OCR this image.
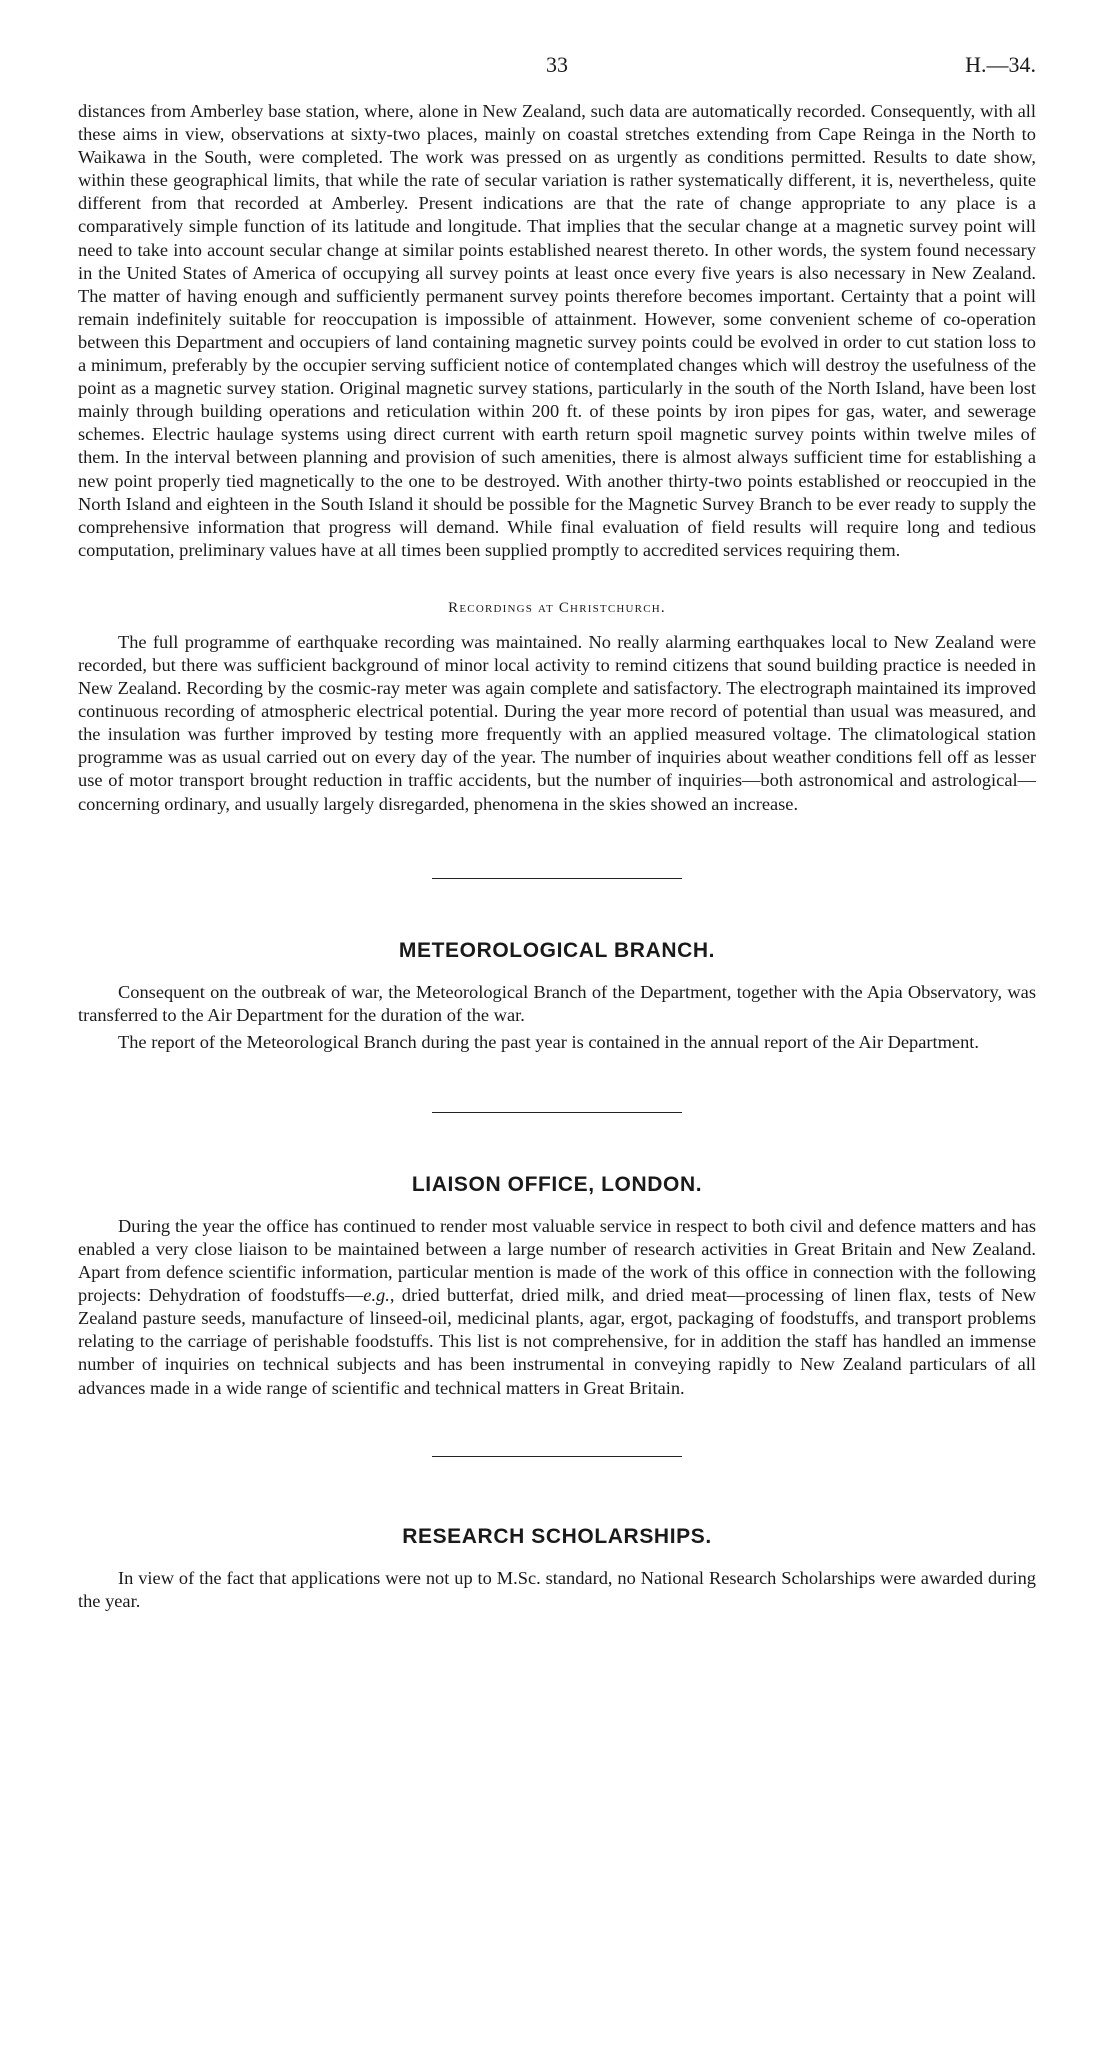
33	H.—34.

distances from Amberley base station, where, alone in New Zealand, such data are automatically recorded. Consequently, with all these aims in view, observations at sixty-two places, mainly on coastal stretches extending from Cape Reinga in the North to Waikawa in the South, were completed. The work was pressed on as urgently as conditions permitted. Results to date show, within these geographical limits, that while the rate of secular variation is rather systematically different, it is, nevertheless, quite different from that recorded at Amberley. Present indications are that the rate of change appropriate to any place is a comparatively simple function of its latitude and longitude. That implies that the secular change at a magnetic survey point will need to take into account secular change at similar points established nearest thereto. In other words, the system found necessary in the United States of America of occupying all survey points at least once every five years is also necessary in New Zealand. The matter of having enough and sufficiently permanent survey points therefore becomes important. Certainty that a point will remain indefinitely suitable for reoccupation is impossible of attainment. However, some convenient scheme of co-operation between this Department and occupiers of land containing magnetic survey points could be evolved in order to cut station loss to a minimum, preferably by the occupier serving sufficient notice of contemplated changes which will destroy the usefulness of the point as a magnetic survey station. Original magnetic survey stations, particularly in the south of the North Island, have been lost mainly through building operations and reticulation within 200 ft. of these points by iron pipes for gas, water, and sewerage schemes. Electric haulage systems using direct current with earth return spoil magnetic survey points within twelve miles of them. In the interval between planning and provision of such amenities, there is almost always sufficient time for establishing a new point properly tied magnetically to the one to be destroyed. With another thirty-two points established or reoccupied in the North Island and eighteen in the South Island it should be possible for the Magnetic Survey Branch to be ever ready to supply the comprehensive information that progress will demand. While final evaluation of field results will require long and tedious computation, preliminary values have at all times been supplied promptly to accredited services requiring them.

Recordings at Christchurch.

The full programme of earthquake recording was maintained. No really alarming earthquakes local to New Zealand were recorded, but there was sufficient background of minor local activity to remind citizens that sound building practice is needed in New Zealand. Recording by the cosmic-ray meter was again complete and satisfactory. The electrograph maintained its improved continuous recording of atmospheric electrical potential. During the year more record of potential than usual was measured, and the insulation was further improved by testing more frequently with an applied measured voltage. The climatological station programme was as usual carried out on every day of the year. The number of inquiries about weather conditions fell off as lesser use of motor transport brought reduction in traffic accidents, but the number of inquiries—both astronomical and astrological—concerning ordinary, and usually largely disregarded, phenomena in the skies showed an increase.

METEOROLOGICAL BRANCH.

Consequent on the outbreak of war, the Meteorological Branch of the Department, together with the Apia Observatory, was transferred to the Air Department for the duration of the war.

The report of the Meteorological Branch during the past year is contained in the annual report of the Air Department.

LIAISON OFFICE, LONDON.

During the year the office has continued to render most valuable service in respect to both civil and defence matters and has enabled a very close liaison to be maintained between a large number of research activities in Great Britain and New Zealand. Apart from defence scientific information, particular mention is made of the work of this office in connection with the following projects: Dehydration of foodstuffs—e.g., dried butterfat, dried milk, and dried meat—processing of linen flax, tests of New Zealand pasture seeds, manufacture of linseed-oil, medicinal plants, agar, ergot, packaging of foodstuffs, and transport problems relating to the carriage of perishable foodstuffs. This list is not comprehensive, for in addition the staff has handled an immense number of inquiries on technical subjects and has been instrumental in conveying rapidly to New Zealand particulars of all advances made in a wide range of scientific and technical matters in Great Britain.

RESEARCH SCHOLARSHIPS.

In view of the fact that applications were not up to M.Sc. standard, no National Research Scholarships were awarded during the year.
